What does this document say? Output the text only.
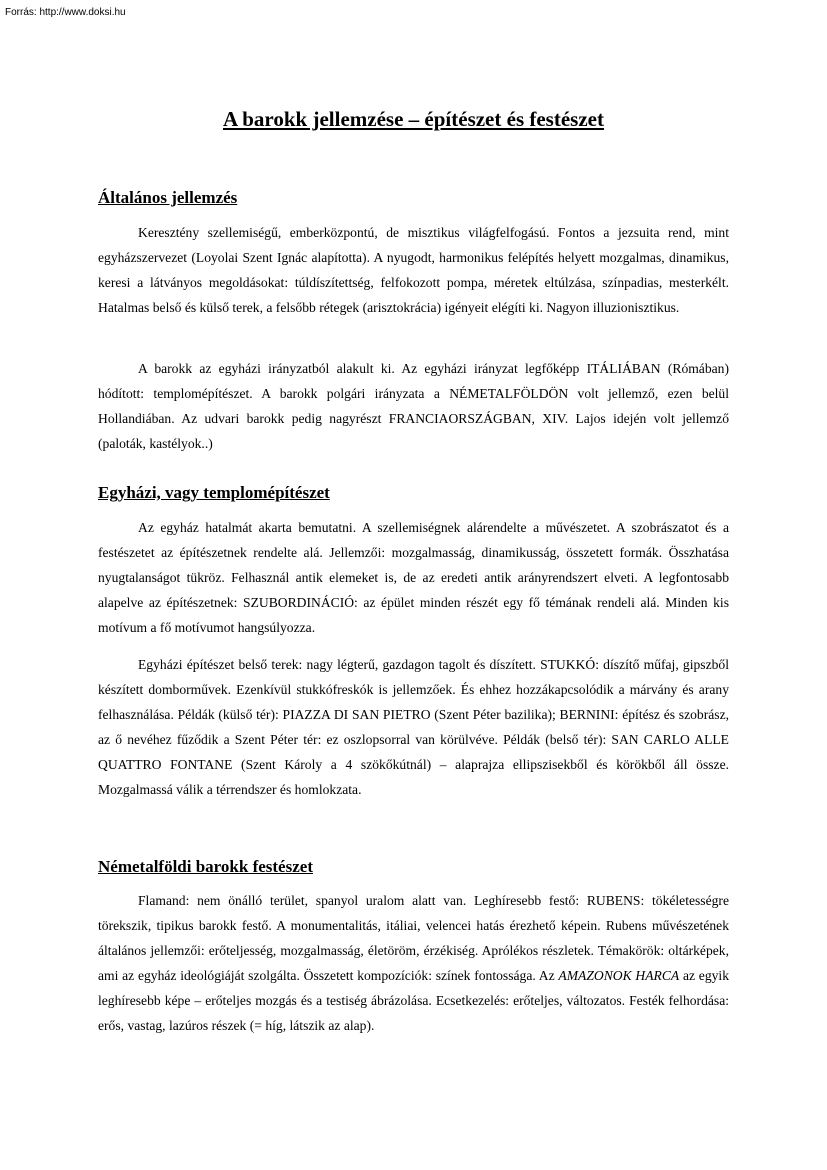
Forrás: http://www.doksi.hu
A barokk jellemzése – építészet és festészet
Általános jellemzés

Keresztény szellemiségű, emberközpontú, de misztikus világfelfogású. Fontos a jezsuita rend, mint egyházszervezet (Loyolai Szent Ignác alapította). A nyugodt, harmonikus felépítés helyett mozgalmas, dinamikus, keresi a látványos megoldásokat: túldíszítettség, felfokozott pompa, méretek eltúlzása, színpadias, mesterkélt. Hatalmas belső és külső terek, a felsőbb rétegek (arisztokrácia) igényeit elégíti ki. Nagyon illuzionisztikus.

A barokk az egyházi irányzatból alakult ki. Az egyházi irányzat legfőképp ITÁLIÁBAN (Rómában) hódított: templomépítészet. A barokk polgári irányzata a NÉMETALFÖLDÖN volt jellemző, ezen belül Hollandiában. Az udvari barokk pedig nagyrészt FRANCIAORSZÁGBAN, XIV. Lajos idején volt jellemző (paloták, kastélyok..)

Egyházi, vagy templomépítészet

Az egyház hatalmát akarta bemutatni. A szellemiségnek alárendelte a művészetet. A szobrászatot és a festészetet az építészetnek rendelte alá. Jellemzői: mozgalmasság, dinamikusság, összetett formák. Összhatása nyugtalanságot tükröz. Felhasznál antik elemeket is, de az eredeti antik arányrendszert elveti. A legfontosabb alapelve az építészetnek: SZUBORDINÁCIÓ: az épület minden részét egy fő témának rendeli alá. Minden kis motívum a fő motívumot hangsúlyozza.

Egyházi építészet belső terek: nagy légterű, gazdagon tagolt és díszített. STUKKÓ: díszítő műfaj, gipszből készített domborművek. Ezenkívül stukkófreskók is jellemzőek. És ehhez hozzákapcsolódik a márvány és arany felhasználása. Példák (külső tér): PIAZZA DI SAN PIETRO (Szent Péter bazilika); BERNINI: építész és szobrász, az ő nevéhez fűződik a Szent Péter tér: ez oszlopsorral van körülvéve. Példák (belső tér): SAN CARLO ALLE QUATTRO FONTANE (Szent Károly a 4 szökőkútnál) – alaprajza ellipszisekből és körökből áll össze. Mozgalmassá válik a térrendszer és homlokzata.

Németalföldi barokk festészet

Flamand: nem önálló terület, spanyol uralom alatt van. Leghíresebb festő: RUBENS: tökéletességre törekszik, tipikus barokk festő. A monumentalitás, itáliai, velencei hatás érezhető képein. Rubens művészetének általános jellemzői: erőteljesség, mozgalmasság, életöröm, érzékiség. Aprólékos részletek. Témakörök: oltárképek, ami az egyház ideológiáját szolgálta. Összetett kompozíciók: színek fontossága. Az AMAZONOK HARCA az egyik leghíresebb képe – erőteljes mozgás és a testiség ábrázolása. Ecsetkezelés: erőteljes, változatos. Festék felhordása: erős, vastag, lazúros részek (= híg, látszik az alap).
